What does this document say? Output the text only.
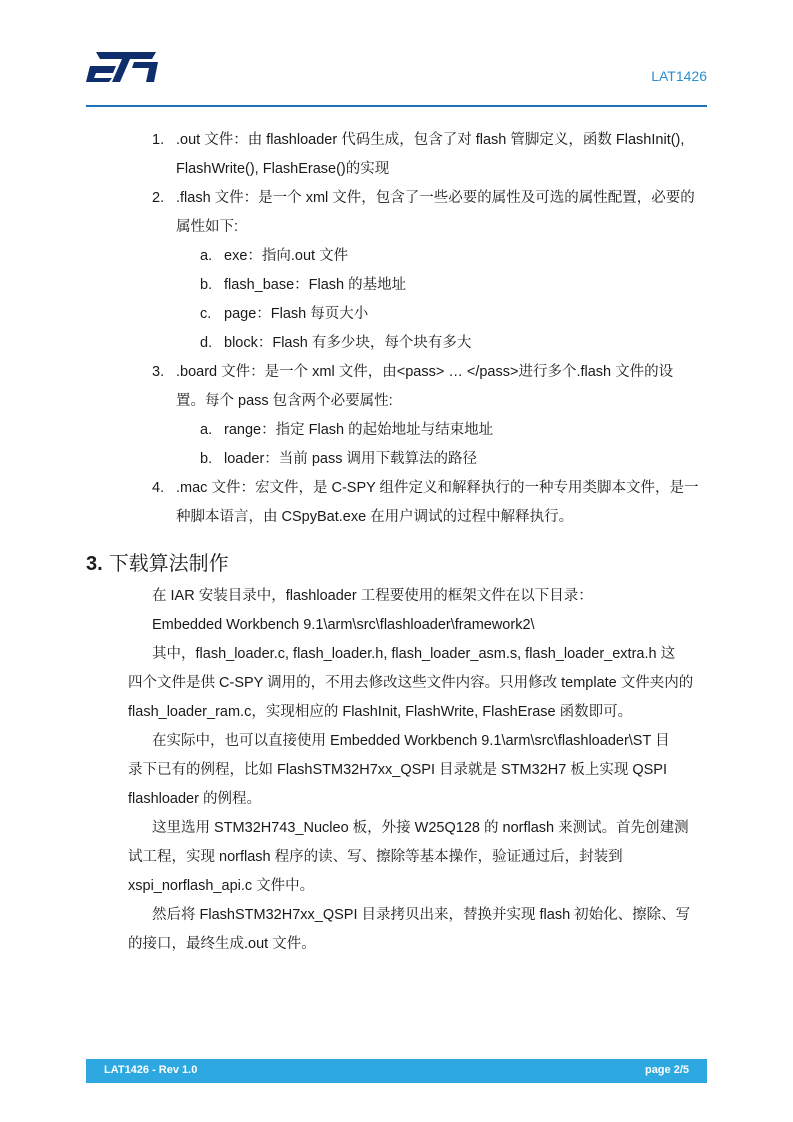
LAT1426
1. .out 文件：由 flashloader 代码生成，包含了对 flash 管脚定义，函数 FlashInit(),
FlashWrite(), FlashErase()的实现
2. .flash 文件：是一个 xml 文件，包含了一些必要的属性及可选的属性配置，必要的
属性如下:
a. exe：指向.out 文件
b. flash_base：Flash 的基地址
c. page：Flash 每页大小
d. block：Flash 有多少块，每个块有多大
3. .board 文件：是一个 xml 文件，由<pass> … </pass>进行多个.flash 文件的设
置。每个 pass 包含两个必要属性:
a. range：指定 Flash 的起始地址与结束地址
b. loader：当前 pass 调用下载算法的路径
4. .mac 文件：宏文件，是 C-SPY 组件定义和解释执行的一种专用类脚本文件，是一
种脚本语言，由 CSpyBat.exe 在用户调试的过程中解释执行。
3. 下载算法制作
在 IAR 安装目录中，flashloader 工程要使用的框架文件在以下目录：
Embedded Workbench 9.1\arm\src\flashloader\framework2\
其中，flash_loader.c, flash_loader.h, flash_loader_asm.s, flash_loader_extra.h 这
四个文件是供 C-SPY 调用的，不用去修改这些文件内容。只用修改 template 文件夹内的
flash_loader_ram.c，实现相应的 FlashInit, FlashWrite, FlashErase 函数即可。
在实际中，也可以直接使用 Embedded Workbench 9.1\arm\src\flashloader\ST 目
录下已有的例程，比如 FlashSTM32H7xx_QSPI 目录就是 STM32H7 板上实现 QSPI
flashloader 的例程。
这里选用 STM32H743_Nucleo 板，外接 W25Q128 的 norflash 来测试。首先创建测
试工程，实现 norflash 程序的读、写、擦除等基本操作，验证通过后，封装到
xspi_norflash_api.c 文件中。
然后将 FlashSTM32H7xx_QSPI 目录拷贝出来，替换并实现 flash 初始化、擦除、写
的接口，最终生成.out 文件。
LAT1426 - Rev 1.0	page 2/5
